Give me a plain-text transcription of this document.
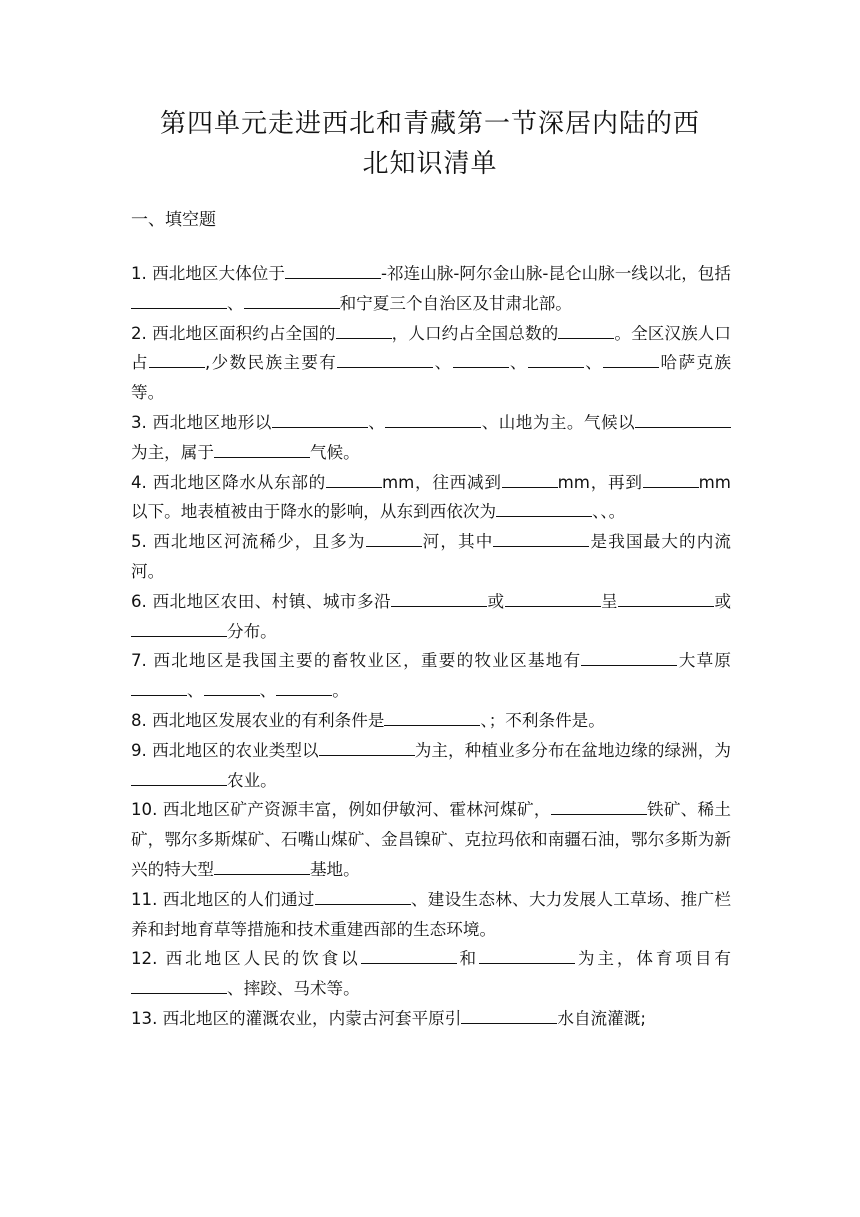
第四单元走进西北和青藏第一节深居内陆的西
北知识清单
一、填空题

1. 西北地区大体位于	-祁连山脉-阿尔金山脉-昆仑山脉一线以北，包括、	和宁夏三个自治区及甘肃北部。

2. 西北地区面积约占全国的	，人口约占全国总数的	。全区汉族人口占	,少数民族主要有	、	、	、	哈萨克族等。

3. 西北地区地形以	、	、山地为主。气候以为主，属于	气候。

4. 西北地区降水从东部的	mm，往西减到	mm，再到	mm 以下。地表植被由于降水的影响，从东到西依次为	、、。

5. 西北地区河流稀少，且多为	河，其中	是我国最大的内流河。

6. 西北地区农田、村镇、城市多沿	或	呈	或分布。

7. 西北地区是我国主要的畜牧业区，重要的牧业区基地有	大草原、	、	。

8. 西北地区发展农业的有利条件是	、；不利条件是。

9. 西北地区的农业类型以	为主，种植业多分布在盆地边缘的绿洲，为农业。

10. 西北地区矿产资源丰富，例如伊敏河、霍林河煤矿，	铁矿、稀土矿，鄂尔多斯煤矿、石嘴山煤矿、金昌镍矿、克拉玛依和南疆石油，鄂尔多斯为新兴的特大型	基地。

11. 西北地区的人们通过	、建设生态林、大力发展人工草场、推广栏养和封地育草等措施和技术重建西部的生态环境。

12. 西北地区人民的饮食以	和	为主，体育项目有、摔跤、马术等。

13. 西北地区的灌溉农业，内蒙古河套平原引	水自流灌溉;
